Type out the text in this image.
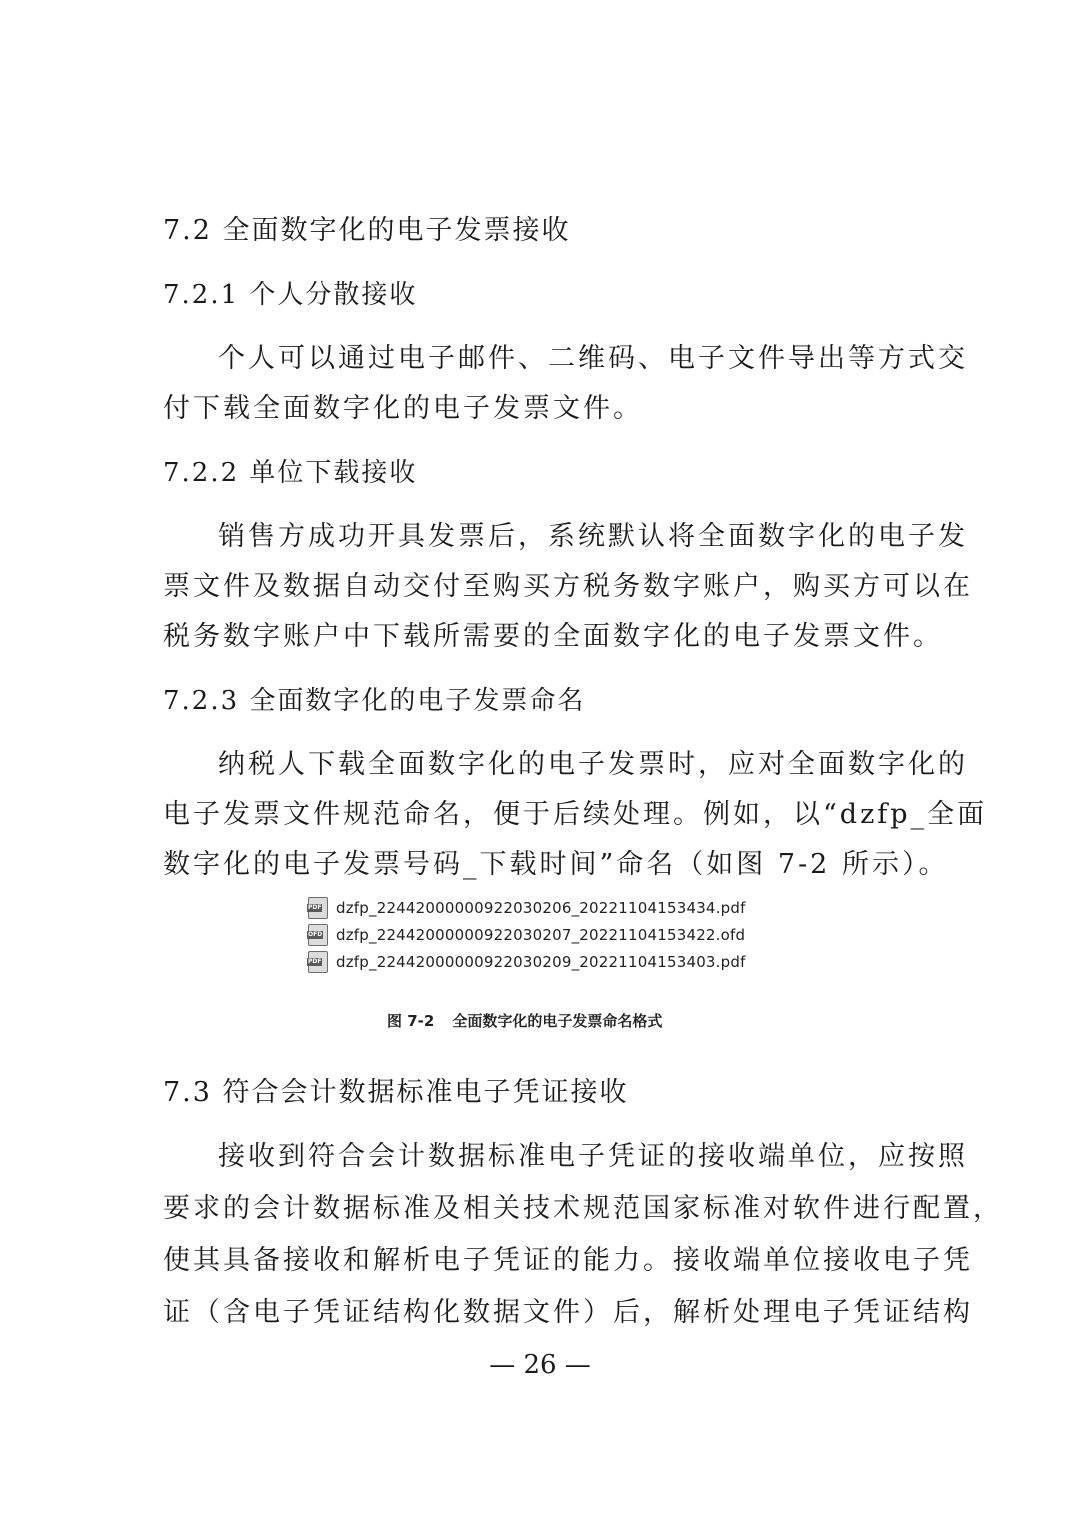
7.2 全面数字化的电子发票接收
7.2.1 个人分散接收
个人可以通过电子邮件、二维码、电子文件导出等方式交
付下载全面数字化的电子发票文件。
7.2.2 单位下载接收
销售方成功开具发票后，系统默认将全面数字化的电子发
票文件及数据自动交付至购买方税务数字账户，购买方可以在
税务数字账户中下载所需要的全面数字化的电子发票文件。
7.2.3 全面数字化的电子发票命名
纳税人下载全面数字化的电子发票时，应对全面数字化的
电子发票文件规范命名，便于后续处理。例如，以“dzfp_全面
数字化的电子发票号码_下载时间”命名（如图 7-2 所示）。
PDF dzfp_22442000000922030206_20221104153434.pdf
OFD dzfp_22442000000922030207_20221104153422.ofd
PDF dzfp_22442000000922030209_20221104153403.pdf
图 7-2 全面数字化的电子发票命名格式
7.3 符合会计数据标准电子凭证接收
接收到符合会计数据标准电子凭证的接收端单位，应按照
要求的会计数据标准及相关技术规范国家标准对软件进行配置，
使其具备接收和解析电子凭证的能力。接收端单位接收电子凭
证（含电子凭证结构化数据文件）后，解析处理电子凭证结构
— 26 —
